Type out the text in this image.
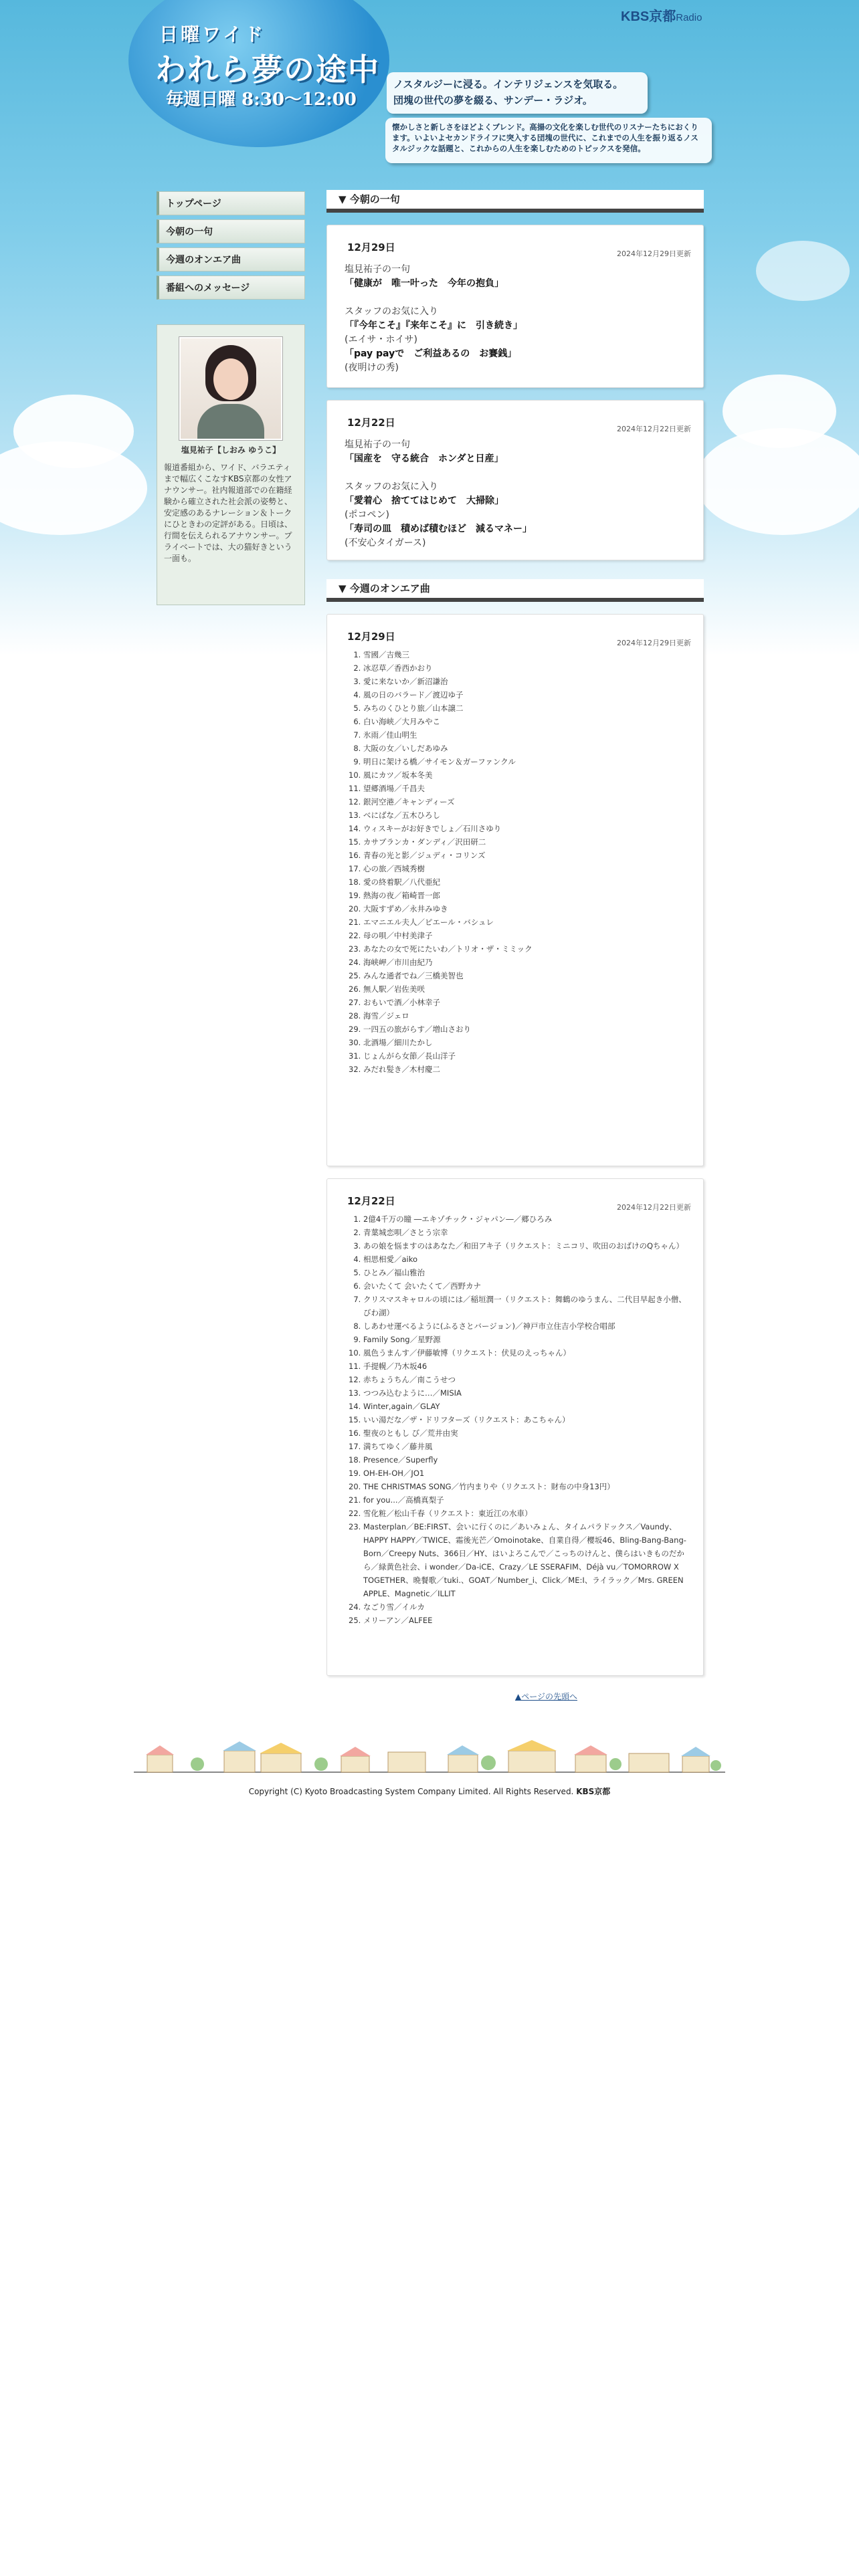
日曜ワイド
われら夢の途中
毎週日曜 8:30〜12:00
KBS京都Radio
ノスタルジーに浸る。インテリジェンスを気取る。
団塊の世代の夢を綴る、サンデー・ラジオ。
懐かしさと新しさをほどよくブレンド。高揚の文化を楽しむ世代のリスナーたちにおくります。いよいよセカンドライフに突入する団塊の世代に、これまでの人生を振り返るノスタルジックな話題と、これからの人生を楽しむためのトピックスを発信。
トップページ
今朝の一句
今週のオンエア曲
番組へのメッセージ
塩見祐子【しおみ ゆうこ】
報道番組から、ワイド、バラエティまで幅広くこなすKBS京都の女性アナウンサー。社内報道部での在籍経験から確立された社会派の姿勢と、安定感のあるナレーション＆トークにひときわの定評がある。日頃は、行間を伝えられるアナウンサー。プライベートでは、大の猫好きという一面も。
▼ 今朝の一句
12月29日
2024年12月29日更新
塩見祐子の一句
「健康が　唯一叶った　今年の抱負」

スタッフのお気に入り
「『今年こそ』『来年こそ』に　引き続き」
(エイサ・ホイサ)
「pay payで　ご利益あるの　お賽銭」
(夜明けの秀)
12月22日
2024年12月22日更新
塩見祐子の一句
「国産を　守る統合　ホンダと日産」

スタッフのお気に入り
「愛着心　捨ててはじめて　大掃除」
(ポコペン)
「寿司の皿　積めば積むほど　減るマネー」
(不安心タイガース)
▼ 今週のオンエア曲
12月29日
2024年12月29日更新
1. 雪國／吉幾三
2. 冰忍草／香西かおり
3. 愛に来ないか／新沼謙治
4. 風の日のバラード／渡辺ゆ子
5. みちのくひとり旅／山本譲二
6. 白い海峡／大月みやこ
7. 氷雨／佳山明生
8. 大阪の女／いしだあゆみ
9. 明日に架ける橋／サイモン＆ガーファンクル
10. 風にカツ／坂本冬美
11. 望郷酒場／千昌夫
12. 銀河空港／キャンディーズ
13. べにばな／五木ひろし
14. ウィスキーがお好きでしょ／石川さゆり
15. カサブランカ・ダンディ／沢田研二
16. 青春の光と影／ジュディ・コリンズ
17. 心の旅／西城秀樹
18. 愛の終着駅／八代亜紀
19. 熱海の夜／箱崎晋一郎
20. 大阪すずめ／永井みゆき
21. エマニエル夫人／ピエール・バシュレ
22. 母の唄／中村美津子
23. あなたの女で死にたいわ／トリオ・ザ・ミミック
24. 海峡岬／市川由紀乃
25. みんな通者でね／三橋美智也
26. 無人駅／岩佐美咲
27. おもいで酒／小林幸子
28. 海雪／ジェロ
29. 一四五の旅がらす／増山さおり
30. 北酒場／細川たかし
31. じょんがら女節／長山洋子
32. みだれ髪き／木村慶二
12月22日
2024年12月22日更新
1. 2億4千万の瞳 ―エキゾチック・ジャパン―／郷ひろみ
2. 青葉城恋唄／さとう宗幸
3. あの娘を悩ますのはあなた／和田アキ子（リクエスト：ミニコリ、吹田のおばけのQちゃん）
4. 相思相愛／aiko
5. ひとみ／福山雅治
6. 会いたくて 会いたくて／西野カナ
7. クリスマスキャロルの頃には／稲垣潤一（リクエスト：舞鶴のゆうまん、二代目早起き小僧、びわ湖）
8. しあわせ運べるように(ふるさとバージョン)／神戸市立住吉小学校合唱部
9. Family Song／星野源
10. 風色うまんす／伊藤敏博（リクエスト：伏見のえっちゃん）
11. 手提幌／乃木坂46
12. 赤ちょうちん／南こうせつ
13. つつみ込むように…／MISIA
14. Winter,again／GLAY
15. いい湯だな／ザ・ドリフターズ（リクエスト：あこちゃん）
16. 聖夜のともし び／荒井由実
17. 満ちてゆく／藤井風
18. Presence／Superfly
19. OH-EH-OH／JO1
20. THE CHRISTMAS SONG／竹内まりや（リクエスト：財布の中身13円）
21. for you...／高橋真梨子
22. 雪化粧／松山千春（リクエスト：東近江の水車）
23. Masterplan／BE:FIRST、会いに行くのに／あいみょん、タイムパラドックス／Vaundy、HAPPY HAPPY／TWICE、霜後光芒／Omoinotake、自業自得／櫻坂46、Bling-Bang-Bang-Born／Creepy Nuts、366日／HY、はいよろこんで／こっちのけんと、僕らはいきものだから／緑黄色社会、i wonder／Da-iCE、Crazy／LE SSERAFIM、Déjà vu／TOMORROW X TOGETHER、晩餐歌／tuki.、GOAT／Number_i、Click／ME:I、ライラック／Mrs. GREEN APPLE、Magnetic／ILLIT
24. なごり雪／イルカ
25. メリーアン／ALFEE
▲ページの先頭へ
Copyright (C) Kyoto Broadcasting System Company Limited. All Rights Reserved. KBS京都
